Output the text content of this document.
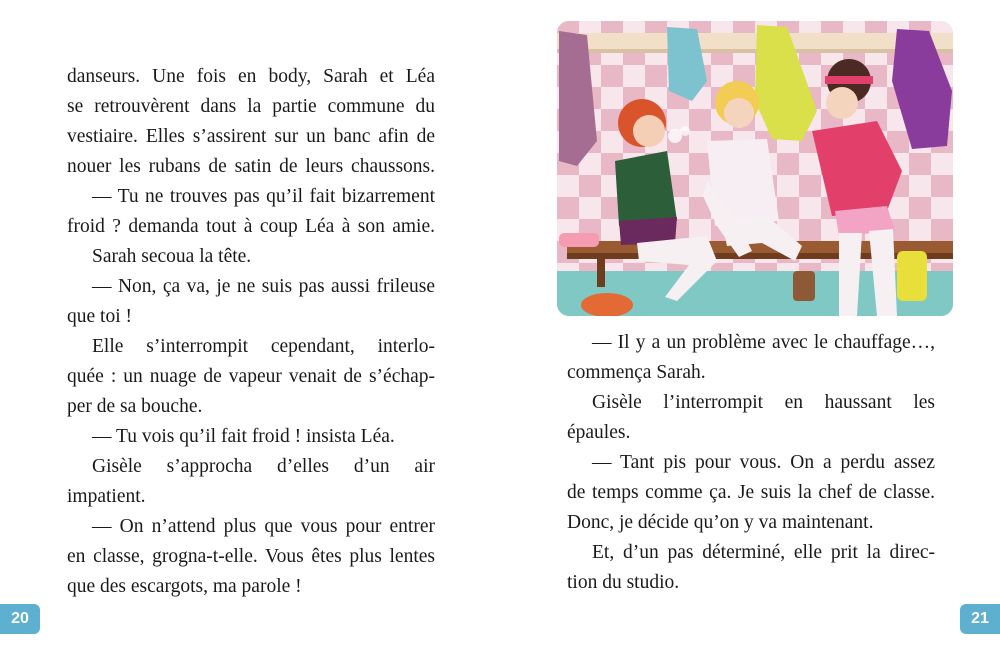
danseurs. Une fois en body, Sarah et Léa
se retrouvèrent dans la partie commune du
vestiaire. Elles s’assirent sur un banc afin de
nouer les rubans de satin de leurs chaussons.
— Tu ne trouves pas qu’il fait bizarrement
froid ? demanda tout à coup Léa à son amie.
Sarah secoua la tête.
— Non, ça va, je ne suis pas aussi frileuse
que toi !
Elle s’interrompit cependant, interlo-
quée : un nuage de vapeur venait de s’échap-
per de sa bouche.
— Tu vois qu’il fait froid ! insista Léa.
Gisèle s’approcha d’elles d’un air
impatient.
— On n’attend plus que vous pour entrer
en classe, grogna-t-elle. Vous êtes plus lentes
que des escargots, ma parole !
20
— Il y a un problème avec le chauffage…,
commença Sarah.
Gisèle l’interrompit en haussant les
épaules.
— Tant pis pour vous. On a perdu assez
de temps comme ça. Je suis la chef de classe.
Donc, je décide qu’on y va maintenant.
Et, d’un pas déterminé, elle prit la direc-
tion du studio.
21
